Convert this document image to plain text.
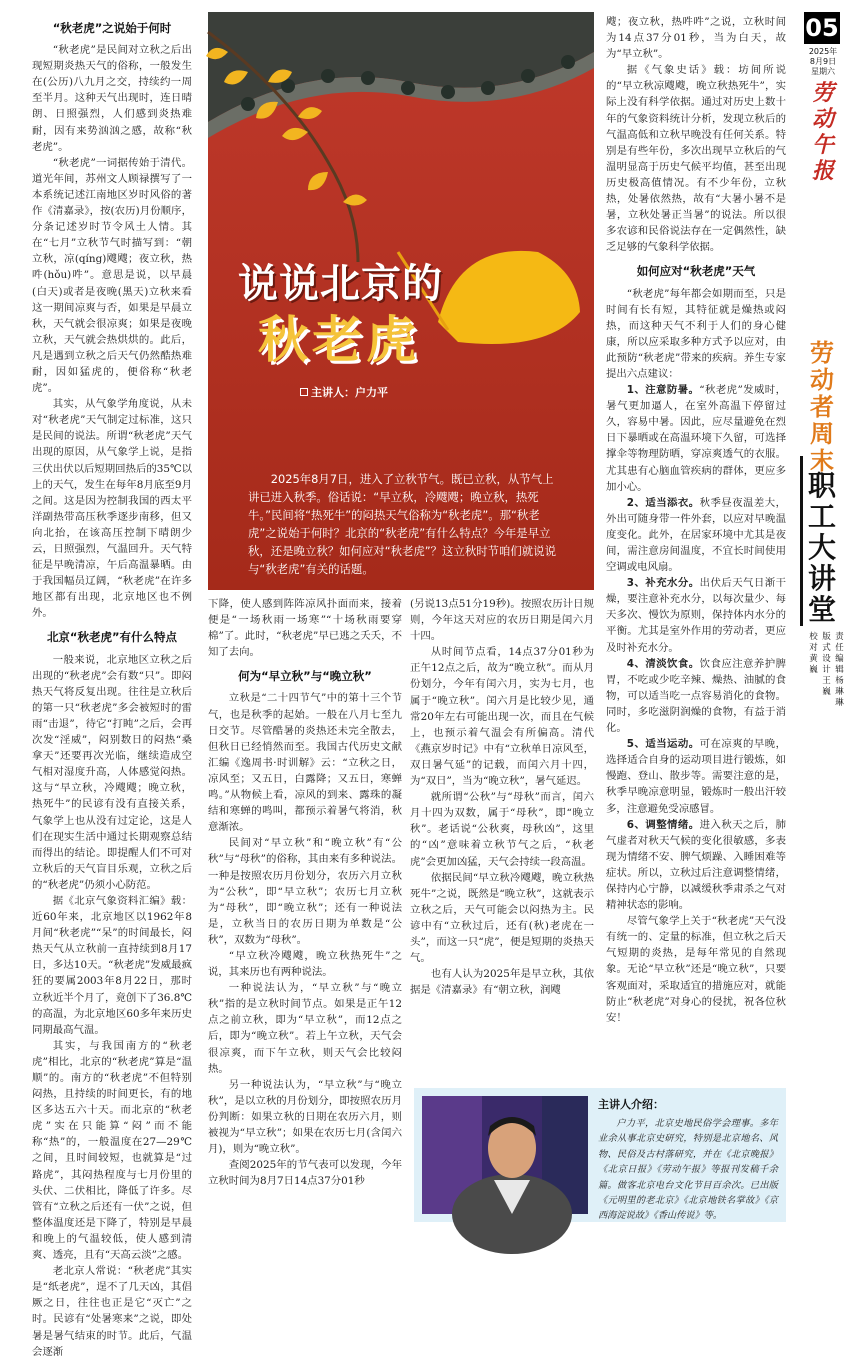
“秋老虎”之说始于何时

“秋老虎”是民间对立秋之后出现短期炎热天气的俗称，一般发生在(公历)八九月之交，持续约一周至半月。这种天气出现时，连日晴朗、日照强烈，人们感到炎热难耐，因有来势汹汹之感，故称“秋老虎”。

“秋老虎”一词据传始于清代。道光年间，苏州文人顾禄撰写了一本系统记述江南地区岁时风俗的著作《清嘉录》，按(农历)月份顺序，分条记述岁时节令风土人情。其在“七月”立秋节气时描写到：“朝立秋，凉(qíng)飕飕；夜立秋，热吽(hǒu)吽”。意思是说，以早晨(白天)或者是夜晚(黑天)立秋来看这一期间凉爽与否，如果是早晨立秋，天气就会很凉爽；如果是夜晚立秋，天气就会热烘烘的。此后，凡是遇到立秋之后天气仍然酷热难耐，因如猛虎的，便俗称“秋老虎”。

其实，从气象学角度说，从未对“秋老虎”天气制定过标准，这只是民间的说法。所谓“秋老虎”天气出现的原因，从气象学上说，是指三伏出伏以后短期回热后的35℃以上的天气，发生在每年8月底至9月之间。这是因为控制我国的西太平洋副热带高压秋季逐步南移，但又向北抬，在该高压控制下晴朗少云，日照强烈，气温回升。天气特征是早晚清凉，午后高温暴晒。由于我国幅员辽阔，“秋老虎”在许多地区都有出现，北京地区也不例外。

北京“秋老虎”有什么特点

一般来说，北京地区立秋之后出现的“秋老虎”会有数“只”。即闷热天气将反复出现。往往是立秋后的第一只“秋老虎”多会被短时的雷雨“击退”，待它“打盹”之后，会再次发“淫威”，闷别数日的闷热“桑拿天”还要再次光临，继续造成空气相对湿度升高，人体感觉闷热。这与“早立秋，冷飕飕；晚立秋，热死牛”的民谚有没有直接关系，气象学上也从没有过定论，这是人们在现实生活中通过长期观察总结而得出的结论。即提醒人们不可对立秋后的天气盲目乐观，立秋之后的“秋老虎”仍须小心防范。

据《北京气象资料汇编》载：近60年来，北京地区以1962年8月间“秋老虎”“呆”的时间最长，闷热天气从立秋前一直持续到8月17日，多达10天。“秋老虎”发威最疯狂的要属2003年8月22日，那时立秋近半个月了，竟创下了36.8℃的高温，为北京地区60多年来历史同期最高气温。

其实，与我国南方的“秋老虎”相比，北京的“秋老虎”算是“温顺”的。南方的“秋老虎”不但特别闷热，且持续的时间更长，有的地区多达五六十天。而北京的“秋老虎”实在只能算“闷”而不能称“热”的，一般温度在27—29℃之间，且时间较短，也就算是“过路虎”，其闷热程度与七月份里的头伏、二伏相比，降低了许多。尽管有“立秋之后还有一伏”之说，但整体温度还是下降了，特别是早晨和晚上的气温较低，使人感到清爽、透亮，且有“天高云淡”之感。

老北京人常说：“秋老虎”其实是“纸老虎”，逞不了几天凶，其倡厥之日，往往也正是它“灭亡”之时。民谚有“处暑寒来”之说，即处暑是暑气结束的时节。此后，气温会逐渐

说说北京的
秋老虎
主讲人：户力平

2025年8月7日，进入了立秋节气。既已立秋，从节气上讲已进入秋季。俗话说：“早立秋，冷飕飕；晚立秋，热死牛。”民间将“热死牛”的闷热天气俗称为“秋老虎”。那“秋老虎”之说始于何时？北京的“秋老虎”有什么特点？今年是早立秋，还是晚立秋？如何应对“秋老虎”？这立秋时节咱们就说说与“秋老虎”有关的话题。

下降，使人感到阵阵凉风扑面而来，接着便是“一场秋雨一场寒”“十场秋雨要穿棉”了。此时，“秋老虎”早已逃之夭夭，不知了去向。

何为“早立秋”与“晚立秋”

立秋是“二十四节气”中的第十三个节气，也是秋季的起始。一般在八月七至九日交节。尽管酷暑的炎热还未完全散去，但秋日已经悄然而至。我国古代历史文献汇编《逸周书·时训解》云：“立秋之日，凉风至；又五日，白露降；又五日，寒蝉鸣。”从物候上看，凉风的到来、露珠的凝结和寒蝉的鸣叫，都预示着暑气将消，秋意渐浓。

民间对“早立秋”和“晚立秋”有“公秋”与“母秋”的俗称，其由来有多种说法。一种是按照农历月份划分，农历六月立秋为“公秋”，即“早立秋”；农历七月立秋为“母秋”，即“晚立秋”；还有一种说法是，立秋当日的农历日期为单数是“公秋”，双数为“母秋”。

“早立秋冷飕飕，晚立秋热死牛”之说，其来历也有两种说法。

一种说法认为，“早立秋”与“晚立秋”指的是立秋时间节点。如果是正午12点之前立秋，即为“早立秋”，而12点之后，即为“晚立秋”。若上午立秋，天气会很凉爽，而下午立秋，则天气会比较闷热。

另一种说法认为，“早立秋”与“晚立秋”，是以立秋的月份划分，即按照农历月份判断：如果立秋的日期在农历六月，则被视为“早立秋”；如果在农历七月(含闰六月)，则为“晚立秋”。

查阅2025年的节气表可以发现，今年立秋时间为8月7日14点37分01秒

(另说13点51分19秒)。按照农历计日规则，今年这天对应的农历日期是闰六月十四。

从时间节点看，14点37分01秒为正午12点之后，故为“晚立秋”。而从月份划分，今年有闰六月，实为七月，也属于“晚立秋”。闰六月是比较少见，通常20年左右可能出现一次，而且在气候上，也预示着气温会有所偏高。清代《燕京岁时记》中有“立秋单日凉风至，双日暑气延”的记载，而闰六月十四，为“双日”，当为“晚立秋”，暑气延迟。

就所谓“公秋”与“母秋”而言，闰六月十四为双数，属于“母秋”，即“晚立秋”。老话说“公秋爽，母秋凶”，这里的“凶”意味着立秋节气之后，“秋老虎”会更加凶猛，天气会持续一段高温。

依据民间“早立秋冷飕飕，晚立秋热死牛”之说，既然是“晚立秋”，这就表示立秋之后，天气可能会以闷热为主。民谚中有“立秋过后，还有(秋)老虎在一头”，而这一只“虎”，便是短期的炎热天气。

也有人认为2025年是早立秋，其依据是《清嘉录》有“朝立秋，润飕

飕；夜立秋，热吽吽”之说，立秋时间为14点37分01秒，当为白天，故为“早立秋”。

据《气象史话》载：坊间所说的“早立秋凉飕飕，晚立秋热死牛”，实际上没有科学依据。通过对历史上数十年的气象资料统计分析，发现立秋后的气温高低和立秋早晚没有任何关系。特别是有些年份，多次出现早立秋后的气温明显高于历史气候平均值，甚至出现历史极高值情况。有不少年份，立秋热，处暑依然热，故有“大暑小暑不是暑，立秋处暑正当暑”的说法。所以很多农谚和民俗说法存在一定偶然性，缺乏足够的气象科学依据。

如何应对“秋老虎”天气

“秋老虎”每年都会如期而至，只是时间有长有短，其特征就是燥热或闷热，而这种天气不利于人们的身心健康，所以应采取多种方式予以应对，由此预防“秋老虎”带来的疾病。养生专家提出六点建议：

1、注意防暑。“秋老虎”发威时，暑气更加逼人，在室外高温下停留过久，容易中暑。因此，应尽量避免在烈日下暴晒或在高温环境下久留，可选择撑伞等物理防晒，穿凉爽透气的衣服。尤其患有心脑血管疾病的群体，更应多加小心。

2、适当添衣。秋季昼夜温差大，外出可随身带一件外套，以应对早晚温度变化。此外，在居家环境中尤其是夜间，需注意房间温度，不宜长时间使用空调或电风扇。

3、补充水分。出伏后天气日渐干燥，要注意补充水分，以每次量少、每天多次、慢饮为原则，保持体内水分的平衡。尤其是室外作用的劳动者，更应及时补充水分。

4、清淡饮食。饮食应注意养护脾胃，不吃或少吃辛辣、燥热、油腻的食物，可以适当吃一点容易消化的食物。同时，多吃滋阴润燥的食物，有益于消化。

5、适当运动。可在凉爽的早晚，选择适合自身的运动项目进行锻炼，如慢跑、登山、散步等。需要注意的是，秋季早晚凉意明显，锻炼时一般出汗较多，注意避免受凉感冒。

6、调整情绪。进入秋天之后，肺气虚者对秋天气候的变化很敏感，多表现为情绪不安、脾气烦躁、入睡困难等症状。所以，立秋过后注意调整情绪，保持内心宁静，以减缓秋季肃杀之气对精神状态的影响。

尽管气象学上关于“秋老虎”天气没有统一的、定量的标准，但立秋之后天气短期的炎热，是每年常见的自然现象。无论“早立秋”还是“晚立秋”，只要客观面对，采取适宜的措施应对，就能防止“秋老虎”对身心的侵扰，祝各位秋安！

主讲人介绍：

户力平，北京史地民俗学会理事。多年业余从事北京史研究，特别是北京地名、风物、民俗及古村落研究，并在《北京晚报》《北京日报》《劳动午报》等报刊发稿千余篇。做客北京电台文化节目百余次。已出版《元明里的老北京》《北京地铁名掌故》《京西海淀说故》《香山传说》等。

05
2025年
8月9日
星期六
劳动午报
劳动者周末
职工大讲堂
责任编辑 杨琳琳
版式设计 王巍
校 对 黄巍
